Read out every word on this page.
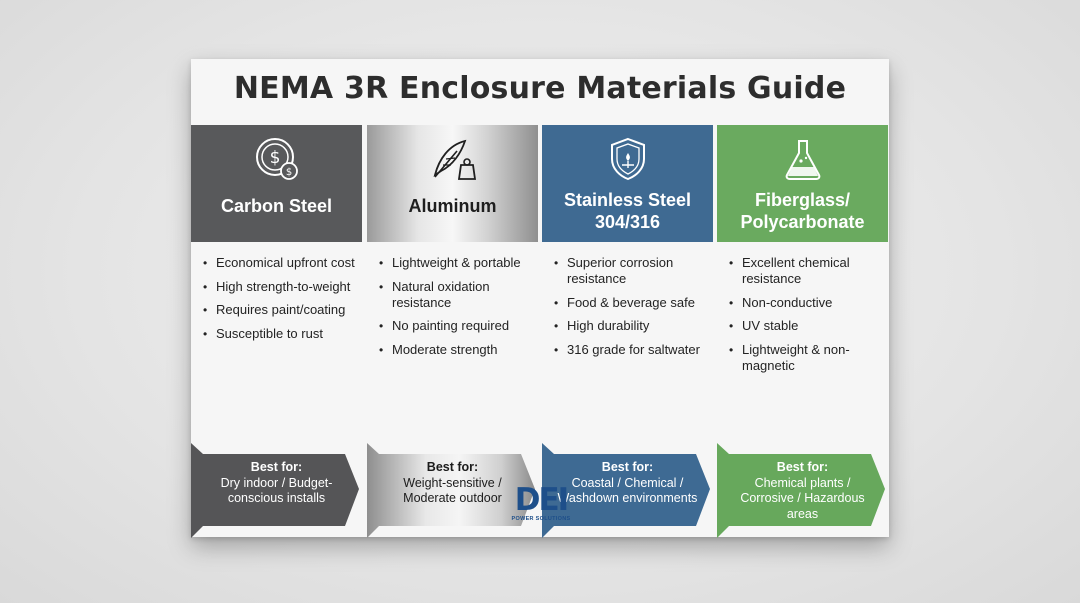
NEMA 3R Enclosure Materials Guide
$
$
Carbon Steel
• Economical upfront cost
• High strength-to-weight
• Requires paint/coating
• Susceptible to rust
Best for:
Dry indoor / Budget-conscious installs
Aluminum
• Lightweight & portable
• Natural oxidation resistance
• No painting required
• Moderate strength
Best for:
Weight-sensitive / Moderate outdoor
Stainless Steel
304/316
• Superior corrosion resistance
• Food & beverage safe
• High durability
• 316 grade for saltwater
Best for:
Coastal / Chemical / Washdown environments
Fiberglass/
Polycarbonate
• Excellent chemical resistance
• Non-conductive
• UV stable
• Lightweight & non-magnetic
Best for:
Chemical plants / Corrosive / Hazardous areas
DEI
POWER SOLUTIONS
